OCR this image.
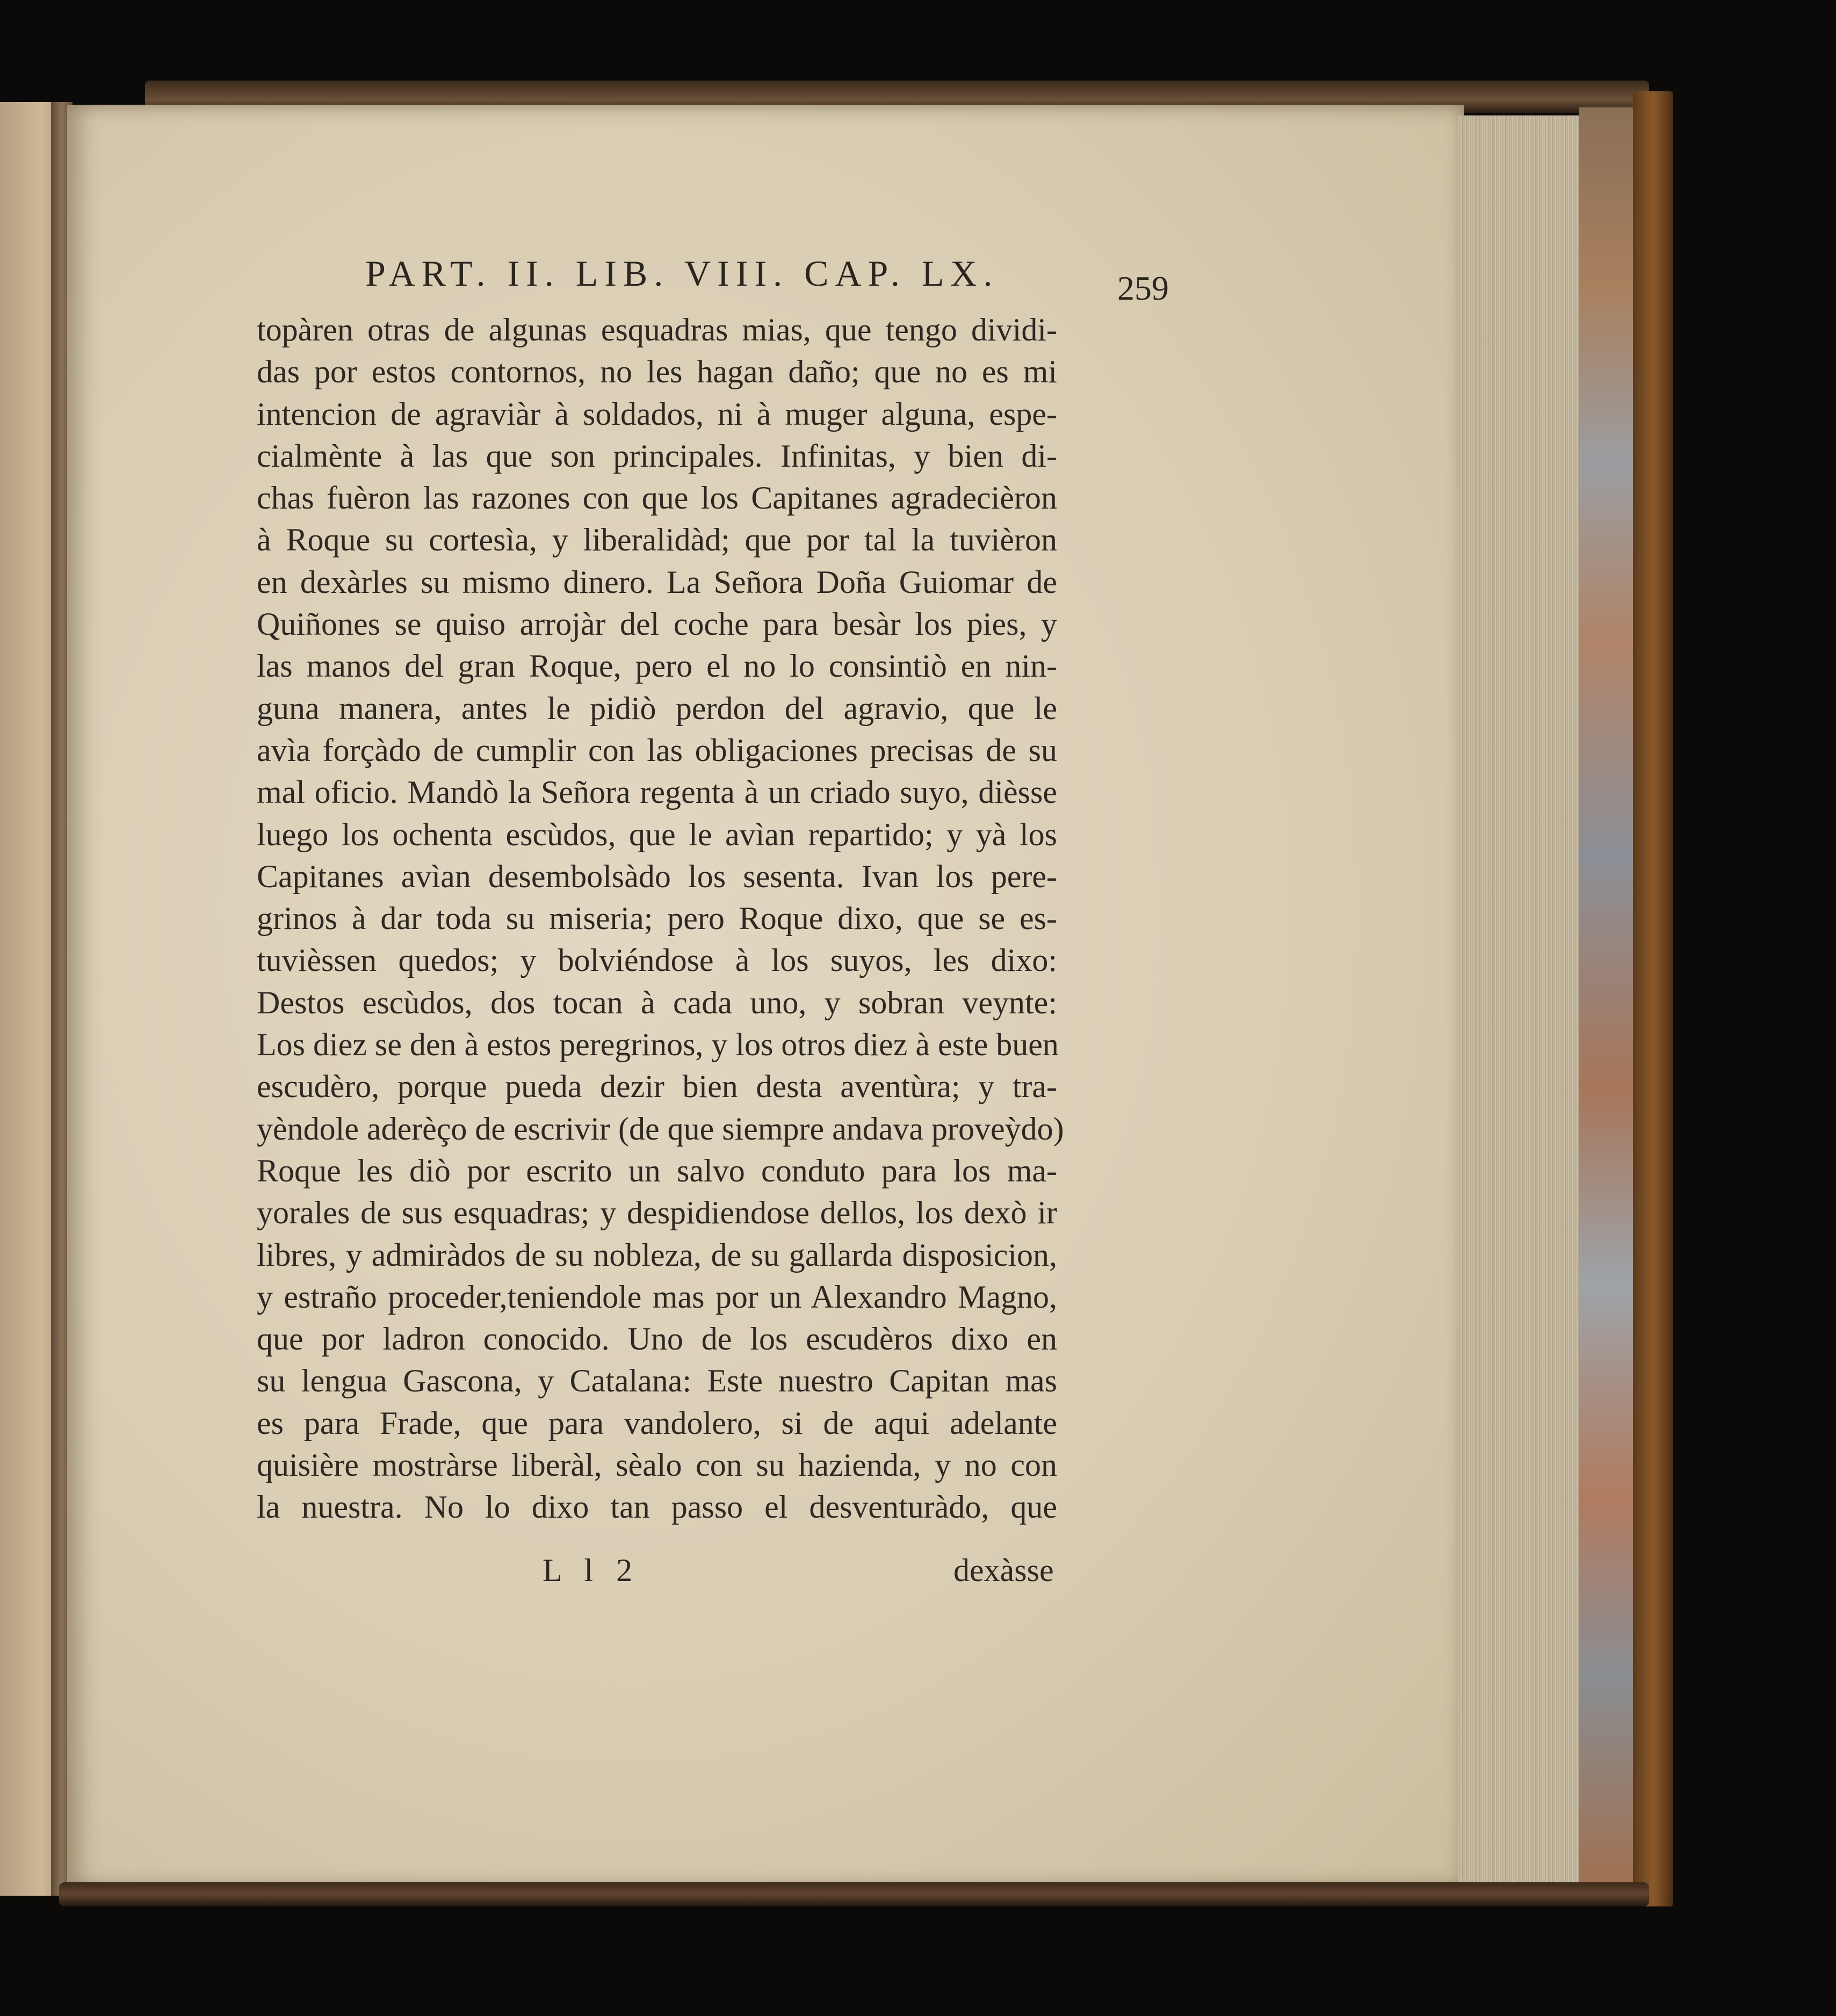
PART. II. LIB. VIII. CAP. LX.	259
topàren otras de algunas esquadras mias, que tengo dividi-
das por estos contornos, no les hagan daño; que no es mi
intencion de agraviàr à soldados, ni à muger alguna, espe-
cialmènte à las que son principales. Infinitas, y bien di-
chas fuèron las razones con que los Capitanes agradecièron
à Roque su cortesìa, y liberalidàd; que por tal la tuvièron
en dexàrles su mismo dinero. La Señora Doña Guiomar de
Quiñones se quiso arrojàr del coche para besàr los pies, y
las manos del gran Roque, pero el no lo consintiò en nin-
guna manera, antes le pidiò perdon del agravio, que le
avìa forçàdo de cumplir con las obligaciones precisas de su
mal oficio. Mandò la Señora regenta à un criado suyo, dièsse
luego los ochenta escùdos, que le avìan repartido; y yà los
Capitanes avìan desembolsàdo los sesenta. Ivan los pere-
grinos à dar toda su miseria; pero Roque dixo, que se es-
tuvièssen quedos; y bolviéndose à los suyos, les dixo:
Destos escùdos, dos tocan à cada uno, y sobran veynte:
Los diez se den à estos peregrinos, y los otros diez à este buen
escudèro, porque pueda dezir bien desta aventùra; y tra-
yèndole aderèço de escrivir (de que siempre andava proveỳdo)
Roque les diò por escrito un salvo conduto para los ma-
yorales de sus esquadras; y despidiendose dellos, los dexò ir
libres, y admiràdos de su nobleza, de su gallarda disposicion,
y estraño proceder,teniendole mas por un Alexandro Magno,
que por ladron conocido. Uno de los escudèros dixo en
su lengua Gascona, y Catalana: Este nuestro Capitan mas
es para Frade, que para vandolero, si de aqui adelante
quisière mostràrse liberàl, sèalo con su hazienda, y no con
la nuestra. No lo dixo tan passo el desventuràdo, que
L l 2	dexàsse
